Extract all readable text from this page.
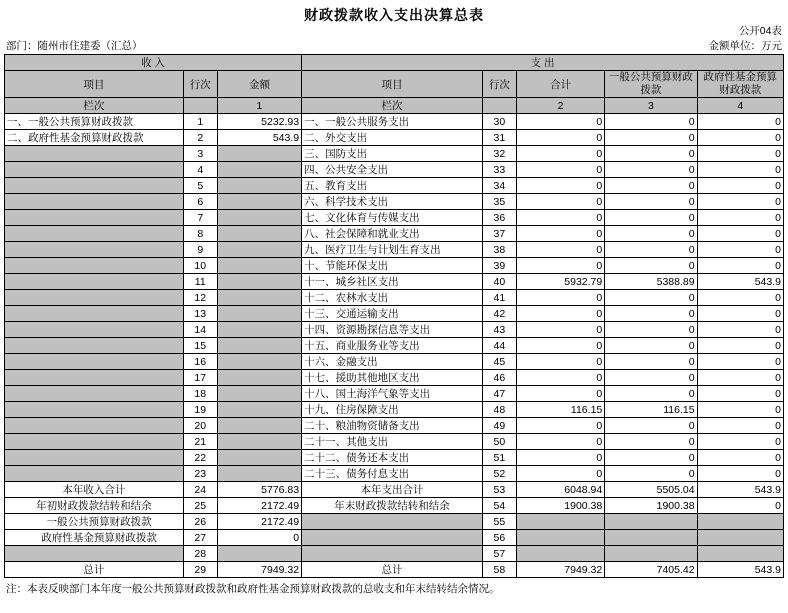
财政拨款收入支出决算总表
公开04表
部门：随州市住建委（汇总）	金额单位：万元
收 入			支 出				
项目	行次	金额	项目	行次	合计	一般公共预算财政拨款	政府性基金预算财政拨款
栏次		1	栏次		2	3	4
一、一般公共预算财政拨款	1	5232.93	一、一般公共服务支出	30	0	0	0
二、政府性基金预算财政拨款	2	543.9	二、外交支出	31	0	0	0
	3		三、国防支出	32	0	0	0
	4		四、公共安全支出	33	0	0	0
	5		五、教育支出	34	0	0	0
	6		六、科学技术支出	35	0	0	0
	7		七、文化体育与传媒支出	36	0	0	0
	8		八、社会保障和就业支出	37	0	0	0
	9		九、医疗卫生与计划生育支出	38	0	0	0
	10		十、节能环保支出	39	0	0	0
	11		十一、城乡社区支出	40	5932.79	5388.89	543.9
	12		十二、农林水支出	41	0	0	0
	13		十三、交通运输支出	42	0	0	0
	14		十四、资源勘探信息等支出	43	0	0	0
	15		十五、商业服务业等支出	44	0	0	0
	16		十六、金融支出	45	0	0	0
	17		十七、援助其他地区支出	46	0	0	0
	18		十八、国土海洋气象等支出	47	0	0	0
	19		十九、住房保障支出	48	116.15	116.15	0
	20		二十、粮油物资储备支出	49	0	0	0
	21		二十一、其他支出	50	0	0	0
	22		二十二、债务还本支出	51	0	0	0
	23		二十三、债务付息支出	52	0	0	0
本年收入合计	24	5776.83	本年支出合计	53	6048.94	5505.04	543.9
年初财政拨款结转和结余	25	2172.49	年末财政拨款结转和结余	54	1900.38	1900.38	0
　一般公共预算财政拨款	26	2172.49		55			
　政府性基金预算财政拨款	27	0		56			
	28			57			
总计	29	7949.32	总计	58	7949.32	7405.42	543.9
注：本表反映部门本年度一般公共预算财政拨款和政府性基金预算财政拨款的总收支和年末结转结余情况。
